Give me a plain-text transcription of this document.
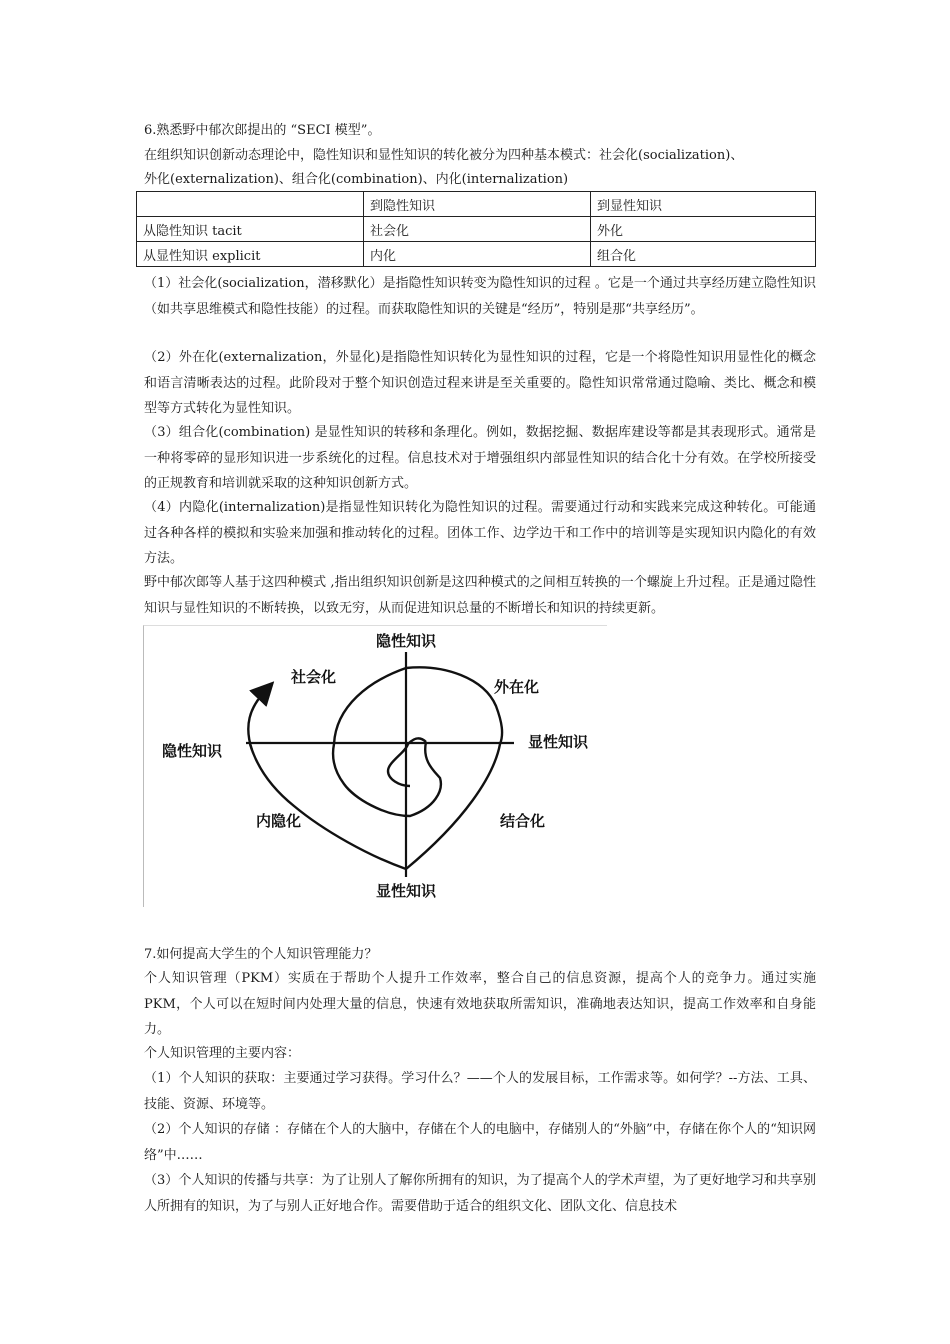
6.熟悉野中郁次郎提出的 “SECI 模型”。
在组织知识创新动态理论中，隐性知识和显性知识的转化被分为四种基本模式：社会化(socialization)、
外化(externalization)、组合化(combination)、内化(internalization)
	到隐性知识	到显性知识
从隐性知识 tacit	社会化	外化
从显性知识 explicit	内化	组合化
（1）社会化(socialization，潜移默化）是指隐性知识转变为隐性知识的过程 。它是一个通过共享经历建立隐性知识（如共享思维模式和隐性技能）的过程。而获取隐性知识的关键是“经历”，特别是那“共享经历”。
（2）外在化(externalization，外显化)是指隐性知识转化为显性知识的过程，它是一个将隐性知识用显性化的概念和语言清晰表达的过程。此阶段对于整个知识创造过程来讲是至关重要的。隐性知识常常通过隐喻、类比、概念和模型等方式转化为显性知识。
（3）组合化(combination) 是显性知识的转移和条理化。例如，数据挖掘、数据库建设等都是其表现形式。通常是一种将零碎的显形知识进一步系统化的过程。信息技术对于增强组织内部显性知识的结合化十分有效。在学校所接受的正规教育和培训就采取的这种知识创新方式。
（4）内隐化(internalization)是指显性知识转化为隐性知识的过程。需要通过行动和实践来完成这种转化。可能通过各种各样的模拟和实验来加强和推动转化的过程。团体工作、边学边干和工作中的培训等是实现知识内隐化的有效方法。
野中郁次郎等人基于这四种模式 ,指出组织知识创新是这四种模式的之间相互转换的一个螺旋上升过程。正是通过隐性知识与显性知识的不断转换，以致无穷，从而促进知识总量的不断增长和知识的持续更新。
隐性知识
显性知识
隐性知识	显性知识
社会化
外在化
内隐化	结合化
7.如何提高大学生的个人知识管理能力？
个人知识管理（PKM）实质在于帮助个人提升工作效率，整合自己的信息资源，提高个人的竞争力。通过实施 PKM，个人可以在短时间内处理大量的信息，快速有效地获取所需知识，准确地表达知识，提高工作效率和自身能力。
个人知识管理的主要内容：
（1）个人知识的获取：主要通过学习获得。学习什么？——个人的发展目标，工作需求等。如何学？--方法、工具、技能、资源、环境等。
（2）个人知识的存储 ：存储在个人的大脑中，存储在个人的电脑中，存储别人的“外脑”中，存储在你个人的“知识网络”中……
（3）个人知识的传播与共享：为了让别人了解你所拥有的知识，为了提高个人的学术声望，为了更好地学习和共享别人所拥有的知识，为了与别人正好地合作。需要借助于适合的组织文化、团队文化、信息技术
